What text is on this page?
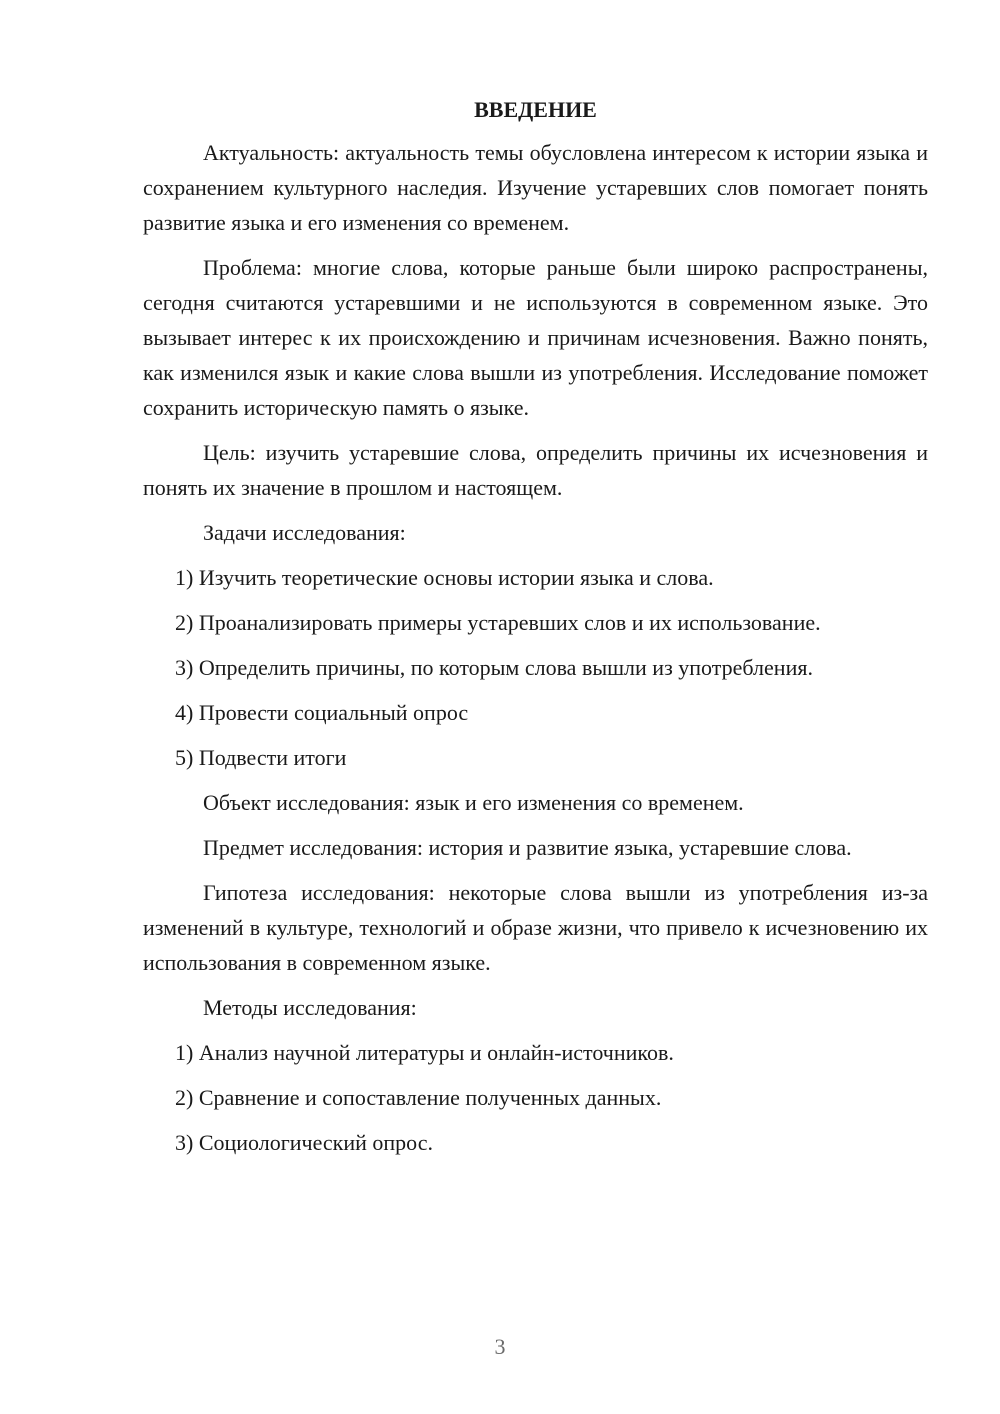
ВВЕДЕНИЕ

Актуальность: актуальность темы обусловлена интересом к истории языка и сохранением культурного наследия. Изучение устаревших слов помогает понять развитие языка и его изменения со временем.

Проблема: многие слова, которые раньше были широко распространены, сегодня считаются устаревшими и не используются в современном языке. Это вызывает интерес к их происхождению и причинам исчезновения. Важно понять, как изменился язык и какие слова вышли из употребления. Исследование поможет сохранить историческую память о языке.

Цель: изучить устаревшие слова, определить причины их исчезновения и понять их значение в прошлом и настоящем.

Задачи исследования:

1) Изучить теоретические основы истории языка и слова.
2) Проанализировать примеры устаревших слов и их использование.
3) Определить причины, по которым слова вышли из употребления.
4) Провести социальный опрос
5) Подвести итоги

Объект исследования: язык и его изменения со временем.

Предмет исследования: история и развитие языка, устаревшие слова.

Гипотеза исследования: некоторые слова вышли из употребления из-за изменений в культуре, технологий и образе жизни, что привело к исчезновению их использования в современном языке.

Методы исследования:

1) Анализ научной литературы и онлайн-источников.
2) Сравнение и сопоставление полученных данных.
3) Социологический опрос.
3
